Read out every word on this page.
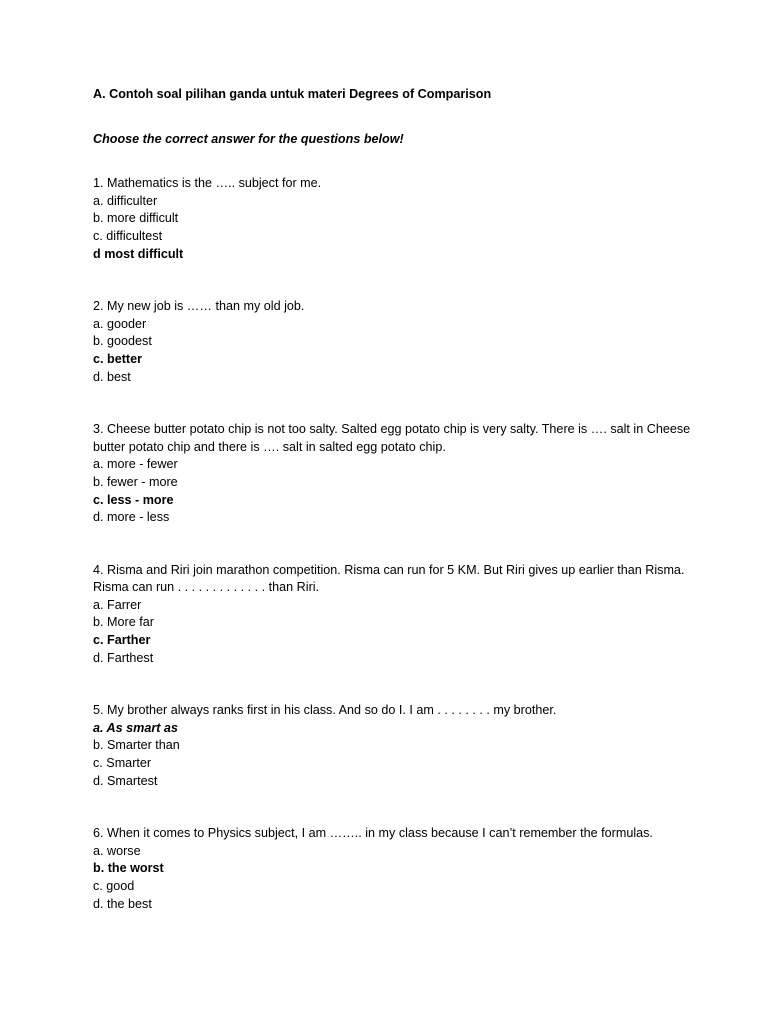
A. Contoh soal pilihan ganda untuk materi Degrees of Comparison

Choose the correct answer for the questions below!
1. Mathematics is the ….. subject for me.
a. difficulter
b. more difficult
c. difficultest
d most difficult
2. My new job is …… than my old job.
a. gooder
b. goodest
c. better
d. best
3. Cheese butter potato chip is not too salty. Salted egg potato chip is very salty. There is …. salt in Cheese butter potato chip and there is …. salt in salted egg potato chip.
a. more - fewer
b. fewer - more
c. less - more
d. more - less
4. Risma and Riri join marathon competition. Risma can run for 5 KM. But Riri gives up earlier than Risma. Risma can run . . . . . . . . . . . . . than Riri.
a. Farrer
b. More far
c. Farther
d. Farthest
5. My brother always ranks first in his class. And so do I. I am . . . . . . . . my brother.
a. As smart as
b. Smarter than
c. Smarter
d. Smartest
6. When it comes to Physics subject, I am …….. in my class because I can’t remember the formulas.
a. worse
b. the worst
c. good
d. the best
